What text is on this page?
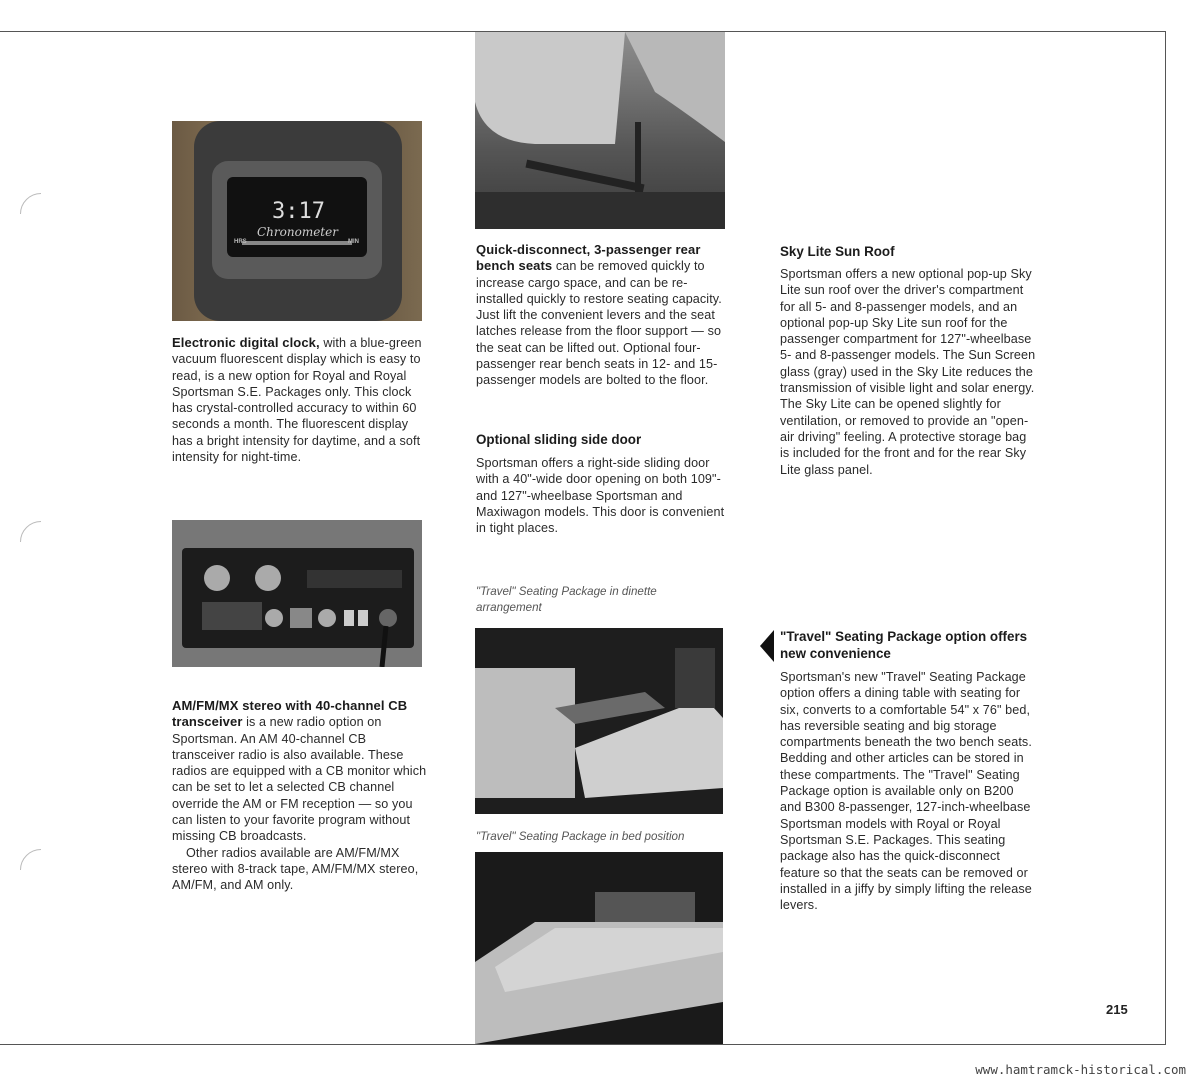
3:17
Chronometer
HRS	MIN
Electronic digital clock, with a blue-green vacuum fluorescent display which is easy to read, is a new option for Royal and Royal Sportsman S.E. Packages only. This clock has crystal-controlled accuracy to within 60 seconds a month. The fluorescent display has a bright intensity for daytime, and a soft intensity for night-time.
AM/FM/MX stereo with 40-channel CB transceiver is a new radio option on Sportsman. An AM 40-channel CB transceiver radio is also available. These radios are equipped with a CB monitor which can be set to let a selected CB channel override the AM or FM reception — so you can listen to your favorite program without missing CB broadcasts.
Other radios available are AM/FM/MX stereo with 8-track tape, AM/FM/MX stereo, AM/FM, and AM only.
Quick-disconnect, 3-passenger rear bench seats can be removed quickly to increase cargo space, and can be re-installed quickly to restore seating capacity. Just lift the convenient levers and the seat latches release from the floor support — so the seat can be lifted out. Optional four-passenger rear bench seats in 12- and 15-passenger models are bolted to the floor.
Optional sliding side door
Sportsman offers a right-side sliding door with a 40"-wide door opening on both 109"- and 127"-wheelbase Sportsman and Maxiwagon models. This door is convenient in tight places.
"Travel" Seating Package in dinette arrangement
"Travel" Seating Package in bed position
Sky Lite Sun Roof
Sportsman offers a new optional pop-up Sky Lite sun roof over the driver's compartment for all 5- and 8-passenger models, and an optional pop-up Sky Lite sun roof for the passenger compartment for 127"-wheelbase 5- and 8-passenger models. The Sun Screen glass (gray) used in the Sky Lite reduces the transmission of visible light and solar energy. The Sky Lite can be opened slightly for ventilation, or removed to provide an "open-air driving" feeling. A protective storage bag is included for the front and for the rear Sky Lite glass panel.
"Travel" Seating Package option offers new convenience
Sportsman's new "Travel" Seating Package option offers a dining table with seating for six, converts to a comfortable 54" x 76" bed, has reversible seating and big storage compartments beneath the two bench seats. Bedding and other articles can be stored in these compartments. The "Travel" Seating Package option is available only on B200 and B300 8-passenger, 127-inch-wheelbase Sportsman models with Royal or Royal Sportsman S.E. Packages. This seating package also has the quick-disconnect feature so that the seats can be removed or installed in a jiffy by simply lifting the release levers.
215
www.hamtramck-historical.com
